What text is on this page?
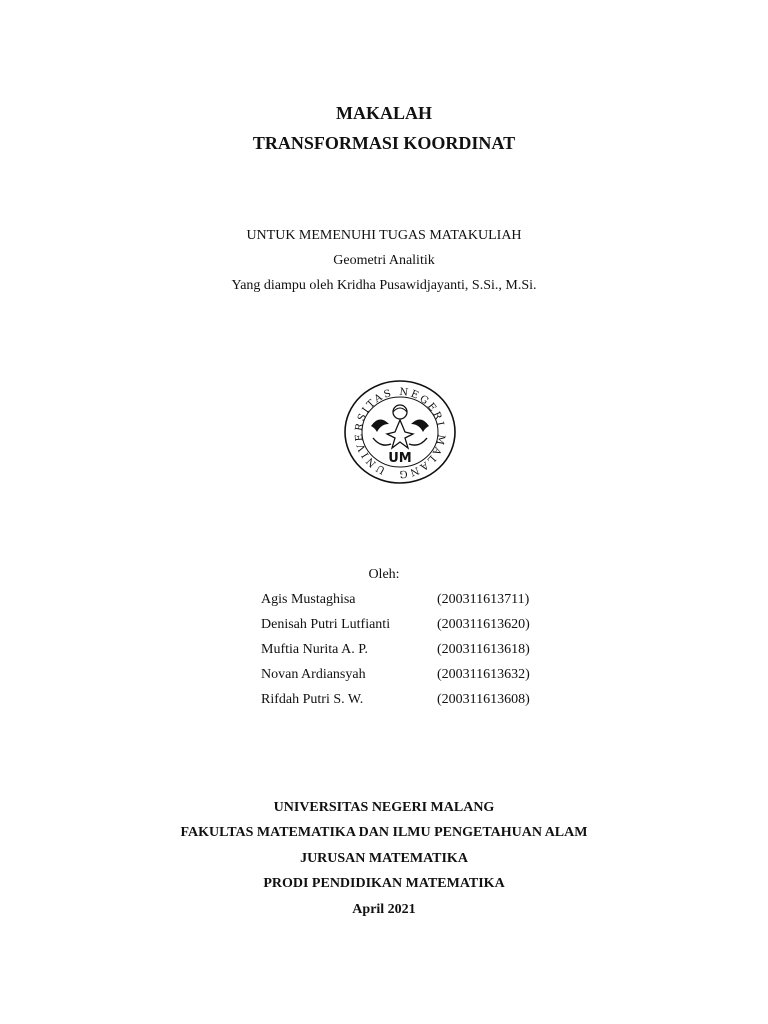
MAKALAH
TRANSFORMASI KOORDINAT
UNTUK MEMENUHI TUGAS MATAKULIAH
Geometri Analitik
Yang diampu oleh Kridha Pusawidjayanti, S.Si., M.Si.
UNIVERSITAS NEGERI MALANG
UM
Oleh:
Agis Mustaghisa	(200311613711)
Denisah Putri Lutfianti	(200311613620)
Muftia Nurita A. P.	(200311613618)
Novan Ardiansyah	(200311613632)
Rifdah Putri S. W.	(200311613608)
UNIVERSITAS NEGERI MALANG
FAKULTAS MATEMATIKA DAN ILMU PENGETAHUAN ALAM
JURUSAN MATEMATIKA
PRODI PENDIDIKAN MATEMATIKA
April 2021
